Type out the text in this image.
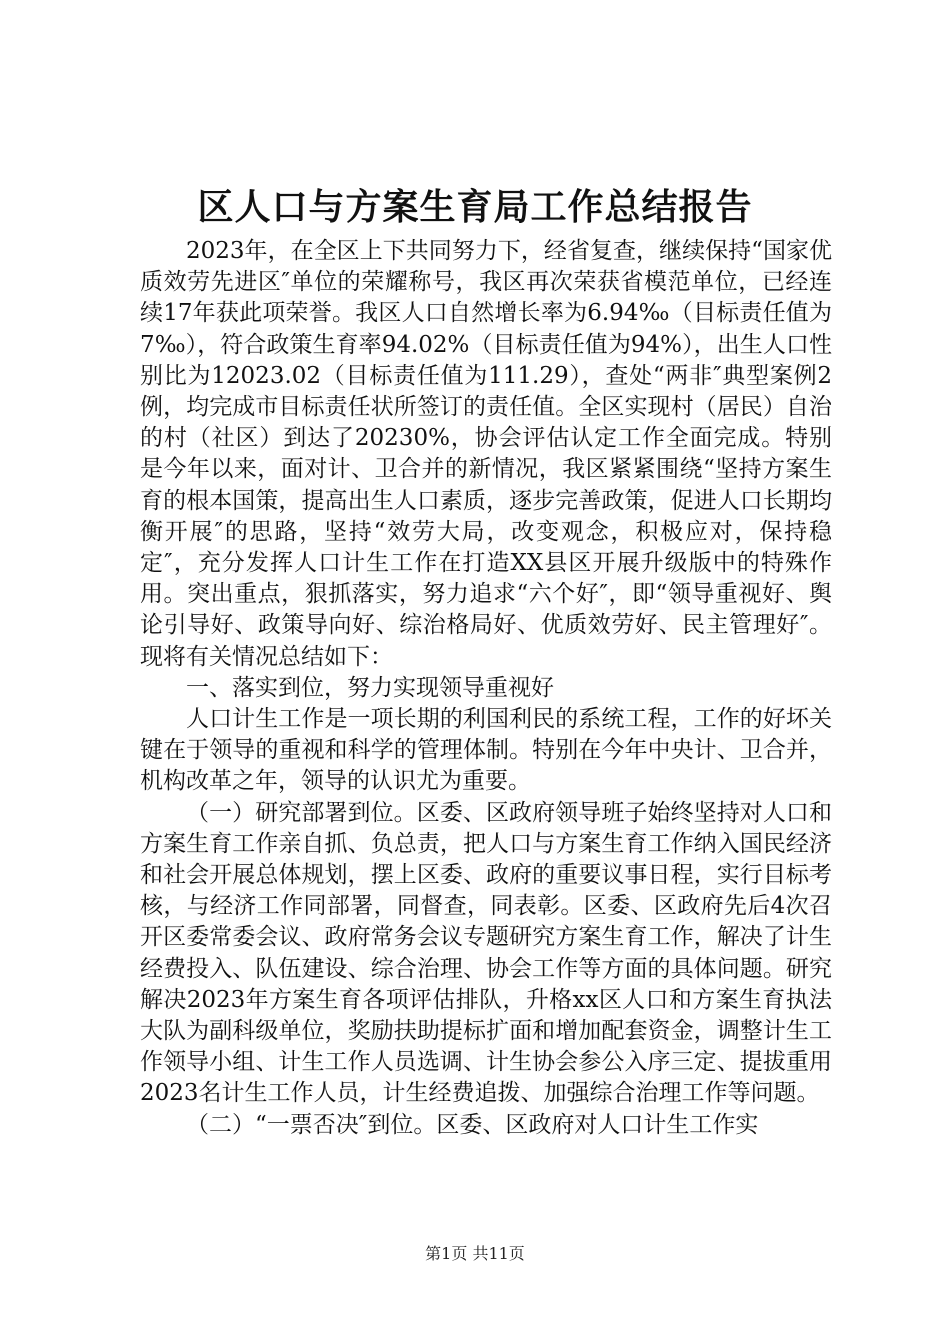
区人口与方案生育局工作总结报告

2023年，在全区上下共同努力下，经省复查，继续保持“国家优质效劳先进区″单位的荣耀称号，我区再次荣获省模范单位，已经连续17年获此项荣誉。我区人口自然增长率为6.94‰（目标责任值为7‰），符合政策生育率94.02%（目标责任值为94%），出生人口性别比为12023.02（目标责任值为111.29），查处“两非″典型案例2例，均完成市目标责任状所签订的责任值。全区实现村（居民）自治的村（社区）到达了20230%，协会评估认定工作全面完成。特别是今年以来，面对计、卫合并的新情况，我区紧紧围绕“坚持方案生育的根本国策，提高出生人口素质，逐步完善政策，促进人口长期均衡开展″的思路，坚持“效劳大局，改变观念，积极应对，保持稳定″，充分发挥人口计生工作在打造XX县区开展升级版中的特殊作用。突出重点，狠抓落实，努力追求“六个好″，即“领导重视好、舆论引导好、政策导向好、综治格局好、优质效劳好、民主管理好″。现将有关情况总结如下：

一、落实到位，努力实现领导重视好

人口计生工作是一项长期的利国利民的系统工程，工作的好坏关键在于领导的重视和科学的管理体制。特别在今年中央计、卫合并，机构改革之年，领导的认识尤为重要。

（一）研究部署到位。区委、区政府领导班子始终坚持对人口和方案生育工作亲自抓、负总责，把人口与方案生育工作纳入国民经济和社会开展总体规划，摆上区委、政府的重要议事日程，实行目标考核，与经济工作同部署，同督查，同表彰。区委、区政府先后4次召开区委常委会议、政府常务会议专题研究方案生育工作，解决了计生经费投入、队伍建设、综合治理、协会工作等方面的具体问题。研究解决2023年方案生育各项评估排队，升格xx区人口和方案生育执法大队为副科级单位，奖励扶助提标扩面和增加配套资金，调整计生工作领导小组、计生工作人员选调、计生协会参公入序三定、提拔重用2023名计生工作人员，计生经费追拨、加强综合治理工作等问题。

（二）“一票否决″到位。区委、区政府对人口计生工作实

第1页 共11页
